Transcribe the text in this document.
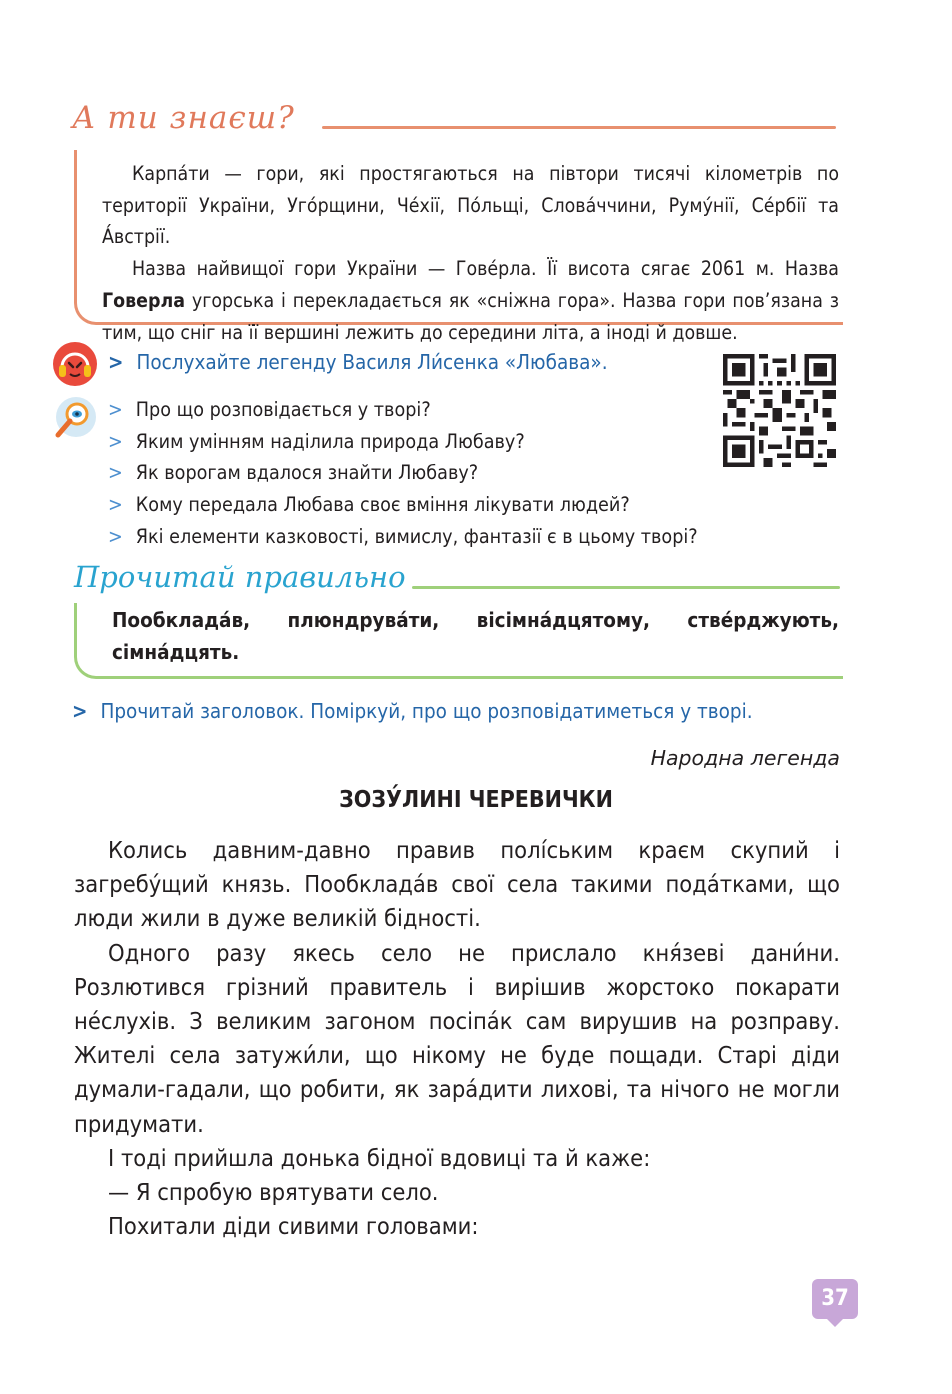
А ти знаєш?

Карпа́ти — гори, які простягаються на півтори тисячі кілометрів по території України, Уго́рщини, Че́хії, По́льщі, Слова́ччини, Руму́нії, Се́рбії та А́встрії.

Назва найвищої гори України — Гове́рла. Її висота сягає 2061 м. Назва Говерла угорська і перекладається як «сніжна гора». Назва гори пов’язана з тим, що сніг на її вершині лежить до середини літа, а іноді й довше.

> Послухайте легенду Василя Ли́сенка «Любава».
> Про що розповідається у творі?
> Яким умінням наділила природа Любаву?
> Як ворогам вдалося знайти Любаву?
> Кому передала Любава своє вміння лікувати людей?
> Які елементи казковості, вимислу, фантазії є в цьому творі?
Прочитай правильно
Пообклада́в, плюндрува́ти, вісімна́дцятому, стве́рджують, сімна́дцять.
> Прочитай заголовок. Поміркуй, про що розповідатиметься у творі.
Народна легенда
ЗОЗУ́ЛИНІ ЧЕРЕВИЧКИ

Колись давним-давно правив полі́ським краєм скупий і загребу́щий князь. Пообклада́в свої села такими пода́тками, що люди жили в дуже великій бідності.

Одного разу якесь село не прислало кня́зеві дани́ни. Розлютився грізний правитель і вирішив жорстоко покарати не́слухів. З великим загоном посіпа́к сам вирушив на розправу. Жителі села затужи́ли, що нікому не буде пощади. Старі діди думали-гадали, що робити, як зара́дити лихові, та нічого не могли придумати.

І тоді прийшла донька бідної вдовиці та й каже:

— Я спробую врятувати село.

Похитали діди сивими головами:

37
